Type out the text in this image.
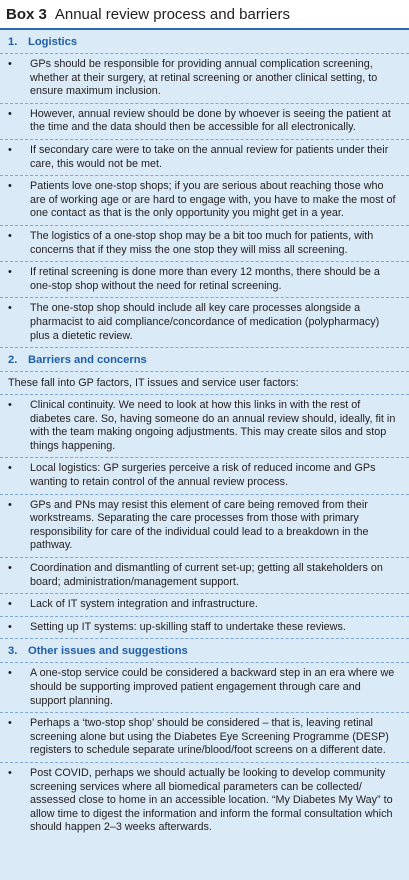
Box 3 Annual review process and barriers
1. Logistics
• GPs should be responsible for providing annual complication screening, whether at their surgery, at retinal screening or another clinical setting, to ensure maximum inclusion.
• However, annual review should be done by whoever is seeing the patient at the time and the data should then be accessible for all electronically.
• If secondary care were to take on the annual review for patients under their care, this would not be met.
• Patients love one-stop shops; if you are serious about reaching those who are of working age or are hard to engage with, you have to make the most of one contact as that is the only opportunity you might get in a year.
• The logistics of a one-stop shop may be a bit too much for patients, with concerns that if they miss the one stop they will miss all screening.
• If retinal screening is done more than every 12 months, there should be a one-stop shop without the need for retinal screening.
• The one-stop shop should include all key care processes alongside a pharmacist to aid compliance/concordance of medication (polypharmacy) plus a dietetic review.
2. Barriers and concerns
These fall into GP factors, IT issues and service user factors:
• Clinical continuity. We need to look at how this links in with the rest of diabetes care. So, having someone do an annual review should, ideally, fit in with the team making ongoing adjustments. This may create silos and stop things happening.
• Local logistics: GP surgeries perceive a risk of reduced income and GPs wanting to retain control of the annual review process.
• GPs and PNs may resist this element of care being removed from their workstreams. Separating the care processes from those with primary responsibility for care of the individual could lead to a breakdown in the pathway.
• Coordination and dismantling of current set-up; getting all stakeholders on board; administration/management support.
• Lack of IT system integration and infrastructure.
• Setting up IT systems: up-skilling staff to undertake these reviews.
3. Other issues and suggestions
• A one-stop service could be considered a backward step in an era where we should be supporting improved patient engagement through care and support planning.
• Perhaps a ‘two-stop shop’ should be considered – that is, leaving retinal screening alone but using the Diabetes Eye Screening Programme (DESP) registers to schedule separate urine/blood/foot screens on a different date.
• Post COVID, perhaps we should actually be looking to develop community screening services where all biomedical parameters can be collected/ assessed close to home in an accessible location. “My Diabetes My Way” to allow time to digest the information and inform the formal consultation which should happen 2–3 weeks afterwards.
